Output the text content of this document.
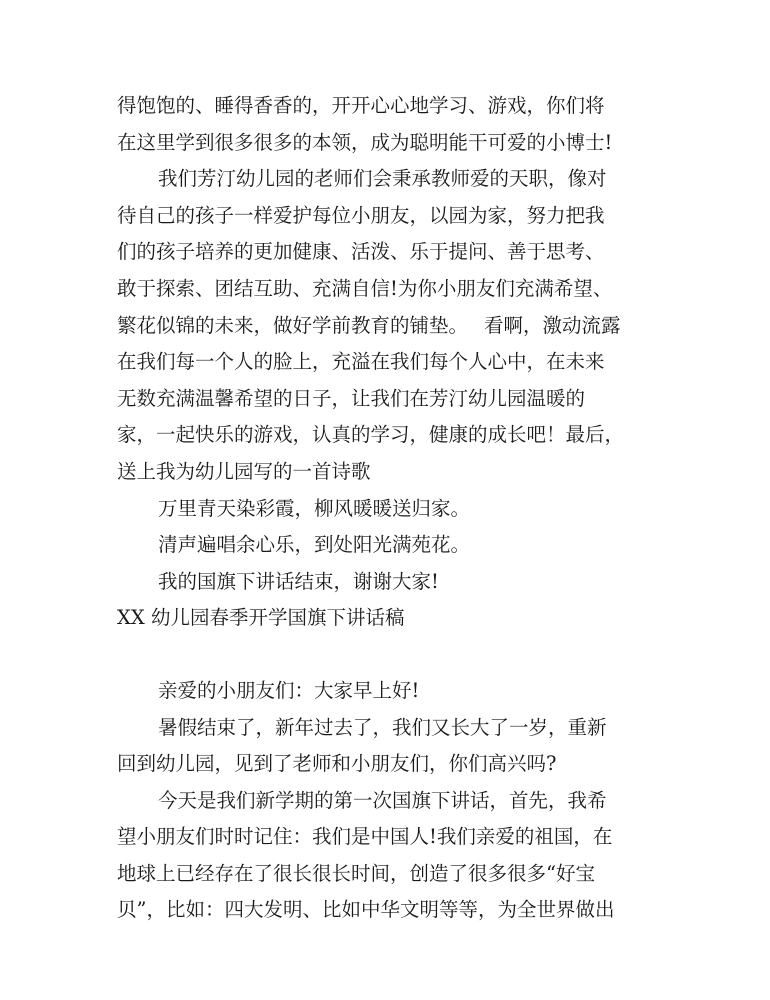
得饱饱的、睡得香香的，开开心心地学习、游戏，你们将
在这里学到很多很多的本领，成为聪明能干可爱的小博士!
我们芳汀幼儿园的老师们会秉承教师爱的天职，像对
待自己的孩子一样爱护每位小朋友，以园为家，努力把我
们的孩子培养的更加健康、活泼、乐于提问、善于思考、
敢于探索、团结互助、充满自信!为你小朋友们充满希望、
繁花似锦的未来，做好学前教育的铺垫。　 看啊，激动流露
在我们每一个人的脸上，充溢在我们每个人心中，在未来
无数充满温馨希望的日子，让我们在芳汀幼儿园温暖的
家，一起快乐的游戏，认真的学习，健康的成长吧！最后，
送上我为幼儿园写的一首诗歌
万里青天染彩霞，柳风暖暖送归家。
清声遍唱余心乐，到处阳光满苑花。
我的国旗下讲话结束，谢谢大家!
XX 幼儿园春季开学国旗下讲话稿
亲爱的小朋友们：大家早上好!
暑假结束了，新年过去了，我们又长大了一岁，重新
回到幼儿园，见到了老师和小朋友们，你们高兴吗?
今天是我们新学期的第一次国旗下讲话，首先，我希
望小朋友们时时记住：我们是中国人!我们亲爱的祖国，在
地球上已经存在了很长很长时间，创造了很多很多“好宝
贝”，比如：四大发明、比如中华文明等等，为全世界做出
